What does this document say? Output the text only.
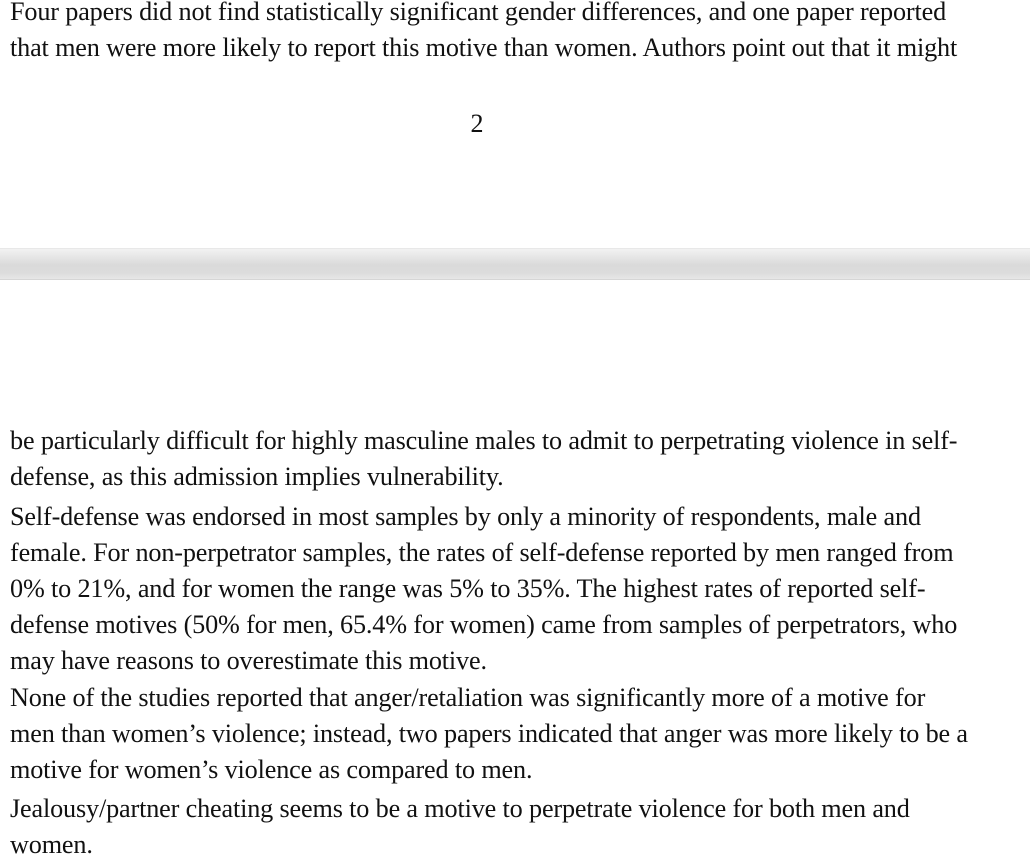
Four papers did not find statistically significant gender differences, and one paper reported
that men were more likely to report this motive than women. Authors point out that it might
2
be particularly difficult for highly masculine males to admit to perpetrating violence in self-
defense, as this admission implies vulnerability.
Self-defense was endorsed in most samples by only a minority of respondents, male and
female. For non-perpetrator samples, the rates of self-defense reported by men ranged from
0% to 21%, and for women the range was 5% to 35%. The highest rates of reported self-
defense motives (50% for men, 65.4% for women) came from samples of perpetrators, who
may have reasons to overestimate this motive.
None of the studies reported that anger/retaliation was significantly more of a motive for
men than women’s violence; instead, two papers indicated that anger was more likely to be a
motive for women’s violence as compared to men.
Jealousy/partner cheating seems to be a motive to perpetrate violence for both men and
women.
